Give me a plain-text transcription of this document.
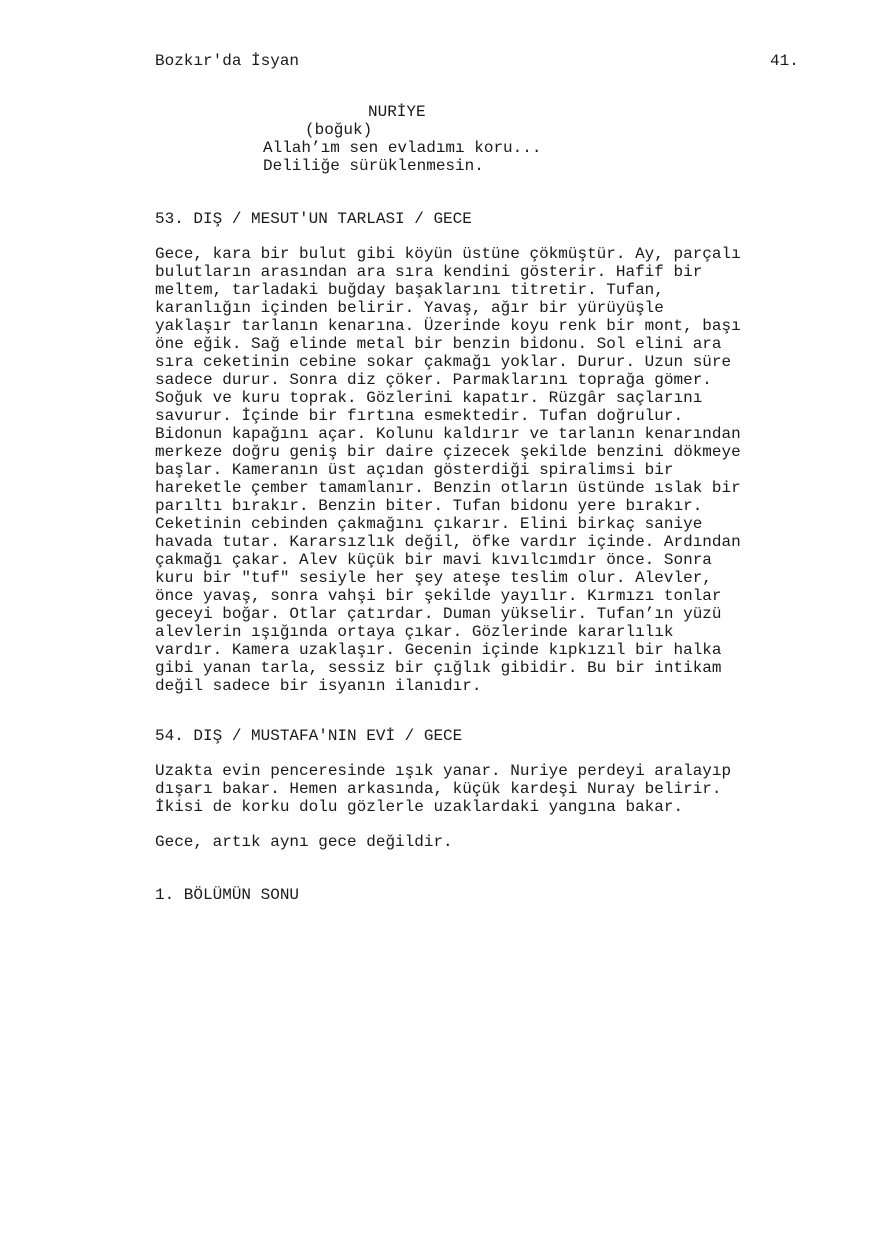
Bozkır'da İsyan	41.
NURİYE
(boğuk)
Allah’ım sen evladımı koru...
Deliliğe sürüklenmesin.
53. DIŞ / MESUT'UN TARLASI / GECE
Gece, kara bir bulut gibi köyün üstüne çökmüştür. Ay, parçalı
bulutların arasından ara sıra kendini gösterir. Hafif bir
meltem, tarladaki buğday başaklarını titretir. Tufan,
karanlığın içinden belirir. Yavaş, ağır bir yürüyüşle
yaklaşır tarlanın kenarına. Üzerinde koyu renk bir mont, başı
öne eğik. Sağ elinde metal bir benzin bidonu. Sol elini ara
sıra ceketinin cebine sokar çakmağı yoklar. Durur. Uzun süre
sadece durur. Sonra diz çöker. Parmaklarını toprağa gömer.
Soğuk ve kuru toprak. Gözlerini kapatır. Rüzgâr saçlarını
savurur. İçinde bir fırtına esmektedir. Tufan doğrulur.
Bidonun kapağını açar. Kolunu kaldırır ve tarlanın kenarından
merkeze doğru geniş bir daire çizecek şekilde benzini dökmeye
başlar. Kameranın üst açıdan gösterdiği spiralimsi bir
hareketle çember tamamlanır. Benzin otların üstünde ıslak bir
parıltı bırakır. Benzin biter. Tufan bidonu yere bırakır.
Ceketinin cebinden çakmağını çıkarır. Elini birkaç saniye
havada tutar. Kararsızlık değil, öfke vardır içinde. Ardından
çakmağı çakar. Alev küçük bir mavi kıvılcımdır önce. Sonra
kuru bir "tuf" sesiyle her şey ateşe teslim olur. Alevler,
önce yavaş, sonra vahşi bir şekilde yayılır. Kırmızı tonlar
geceyi boğar. Otlar çatırdar. Duman yükselir. Tufan’ın yüzü
alevlerin ışığında ortaya çıkar. Gözlerinde kararlılık
vardır. Kamera uzaklaşır. Gecenin içinde kıpkızıl bir halka
gibi yanan tarla, sessiz bir çığlık gibidir. Bu bir intikam
değil sadece bir isyanın ilanıdır.
54. DIŞ / MUSTAFA'NIN EVİ / GECE
Uzakta evin penceresinde ışık yanar. Nuriye perdeyi aralayıp
dışarı bakar. Hemen arkasında, küçük kardeşi Nuray belirir.
İkisi de korku dolu gözlerle uzaklardaki yangına bakar.
Gece, artık aynı gece değildir.
1. BÖLÜMÜN SONU
